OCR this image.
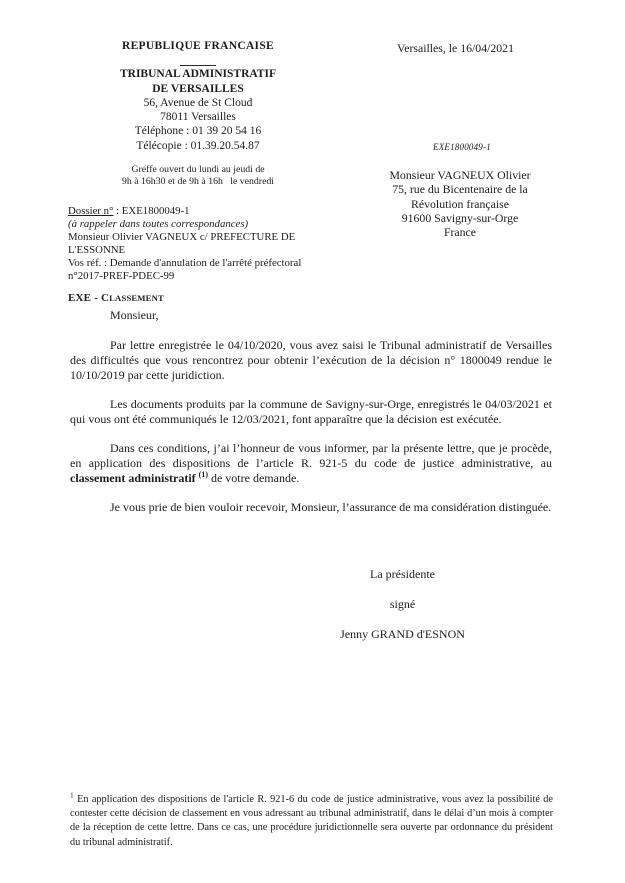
REPUBLIQUE FRANCAISE
TRIBUNAL ADMINISTRATIF
DE VERSAILLES
56, Avenue de St Cloud
78011 Versailles
Téléphone : 01 39 20 54 16
Télécopie : 01.39.20.54.87
Greffe ouvert du lundi au jeudi de
9h à 16h30 et de 9h à 16h   le vendredi
Versailles, le 16/04/2021
EXE1800049-1
Monsieur VAGNEUX Olivier
75, rue du Bicentenaire de la
Révolution française
91600 Savigny-sur-Orge
France
Dossier n° : EXE1800049-1
(à rappeler dans toutes correspondances)
Monsieur Olivier VAGNEUX c/ PREFECTURE DE
L'ESSONNE
Vos réf. : Demande d'annulation de l'arrêté préfectoral
n°2017-PREF-PDEC-99
EXE - CLASSEMENT

Monsieur,

Par lettre enregistrée le 04/10/2020, vous avez saisi le Tribunal administratif de Versailles des difficultés que vous rencontrez pour obtenir l’exécution de la décision n° 1800049 rendue le 10/10/2019 par cette juridiction.

Les documents produits par la commune de Savigny-sur-Orge, enregistrés le 04/03/2021 et qui vous ont été communiqués le 12/03/2021, font apparaître que la décision est exécutée.

Dans ces conditions, j’ai l’honneur de vous informer, par la présente lettre, que je procède, en application des dispositions de l’article R. 921-5 du code de justice administrative, au classement administratif $^{(1)}$ de votre demande.

Je vous prie de bien vouloir recevoir, Monsieur, l’assurance de ma considération distinguée.

La présidente
signé
Jenny GRAND d'ESNON
$^1$ En application des dispositions de l'article R. 921-6 du code de justice administrative, vous avez la possibilité de contester cette décision de classement en vous adressant au tribunal administratif, dans le délai d’un mois à compter de la réception de cette lettre. Dans ce cas, une procédure juridictionnelle sera ouverte par ordonnance du président du tribunal administratif.
